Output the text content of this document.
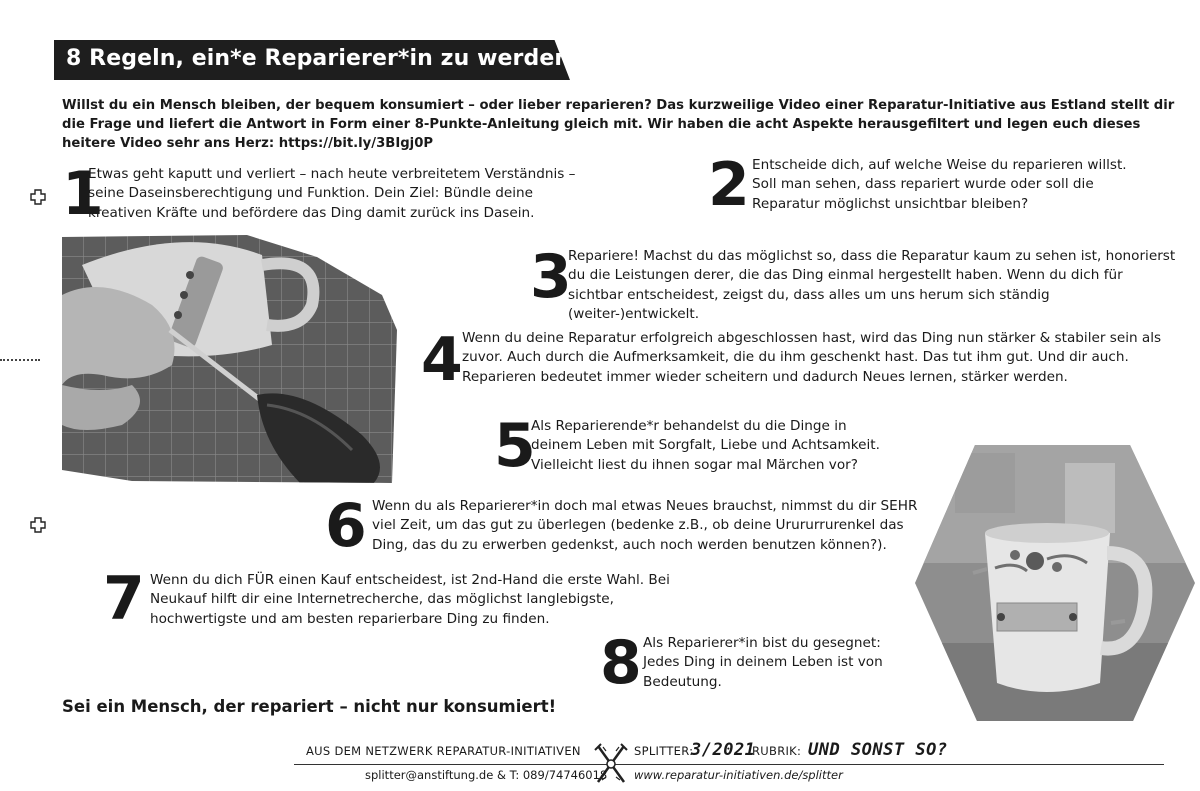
8 Regeln, ein*e Reparierer*in zu werden
Willst du ein Mensch bleiben, der bequem konsumiert – oder lieber reparieren? Das kurzweilige Video einer Reparatur-Initiative aus Estland stellt dir die Frage und liefert die Antwort in Form einer 8-Punkte-Anleitung gleich mit. Wir haben die acht Aspekte herausgefiltert und legen euch dieses heitere Video sehr ans Herz: https://bit.ly/3BIgj0P
1
Etwas geht kaputt und verliert – nach heute verbreitetem Verständnis – seine Daseinsberechtigung und Funktion. Dein Ziel: Bündle deine kreativen Kräfte und befördere das Ding damit zurück ins Dasein.	2 Entscheide dich, auf welche Weise du reparieren willst. Soll man sehen, dass repariert wurde oder soll die Reparatur möglichst unsichtbar bleiben?
3
Repariere! Machst du das möglichst so, dass die Reparatur kaum zu sehen ist, honorierst du die Leistungen derer, die das Ding einmal hergestellt haben. Wenn du dich für sichtbar entscheidest, zeigst du, dass alles um uns herum sich ständig (weiter-)entwickelt.
4 Wenn du deine Reparatur erfolgreich abgeschlossen hast, wird das Ding nun stärker & stabiler sein als zuvor. Auch durch die Aufmerksamkeit, die du ihm geschenkt hast. Das tut ihm gut. Und dir auch. Reparieren bedeutet immer wieder scheitern und dadurch Neues lernen, stärker werden.
5
Als Reparierende*r behandelst du die Dinge in deinem Leben mit Sorgfalt, Liebe und Achtsamkeit. Vielleicht liest du ihnen sogar mal Märchen vor?
6 Wenn du als Reparierer*in doch mal etwas Neues brauchst, nimmst du dir SEHR viel Zeit, um das gut zu überlegen (bedenke z.B., ob deine Urururrurenkel das Ding, das du zu erwerben gedenkst, auch noch werden benutzen können?).
7 Wenn du dich FÜR einen Kauf entscheidest, ist 2nd-Hand die erste Wahl. Bei Neukauf hilft dir eine Internetrecherche, das möglichst langlebigste, hochwertigste und am besten reparierbare Ding zu finden.
8 Als Reparierer*in bist du gesegnet: Jedes Ding in deinem Leben ist von Bedeutung.
Sei ein Mensch, der repariert – nicht nur konsumiert!
AUS DEM NETZWERK REPARATUR-INITIATIVEN	SPLITTER:
3/2021
RUBRIK: UND SONST SO?
splitter@anstiftung.de & T: 089/74746018 www.reparatur-initiativen.de/splitter
